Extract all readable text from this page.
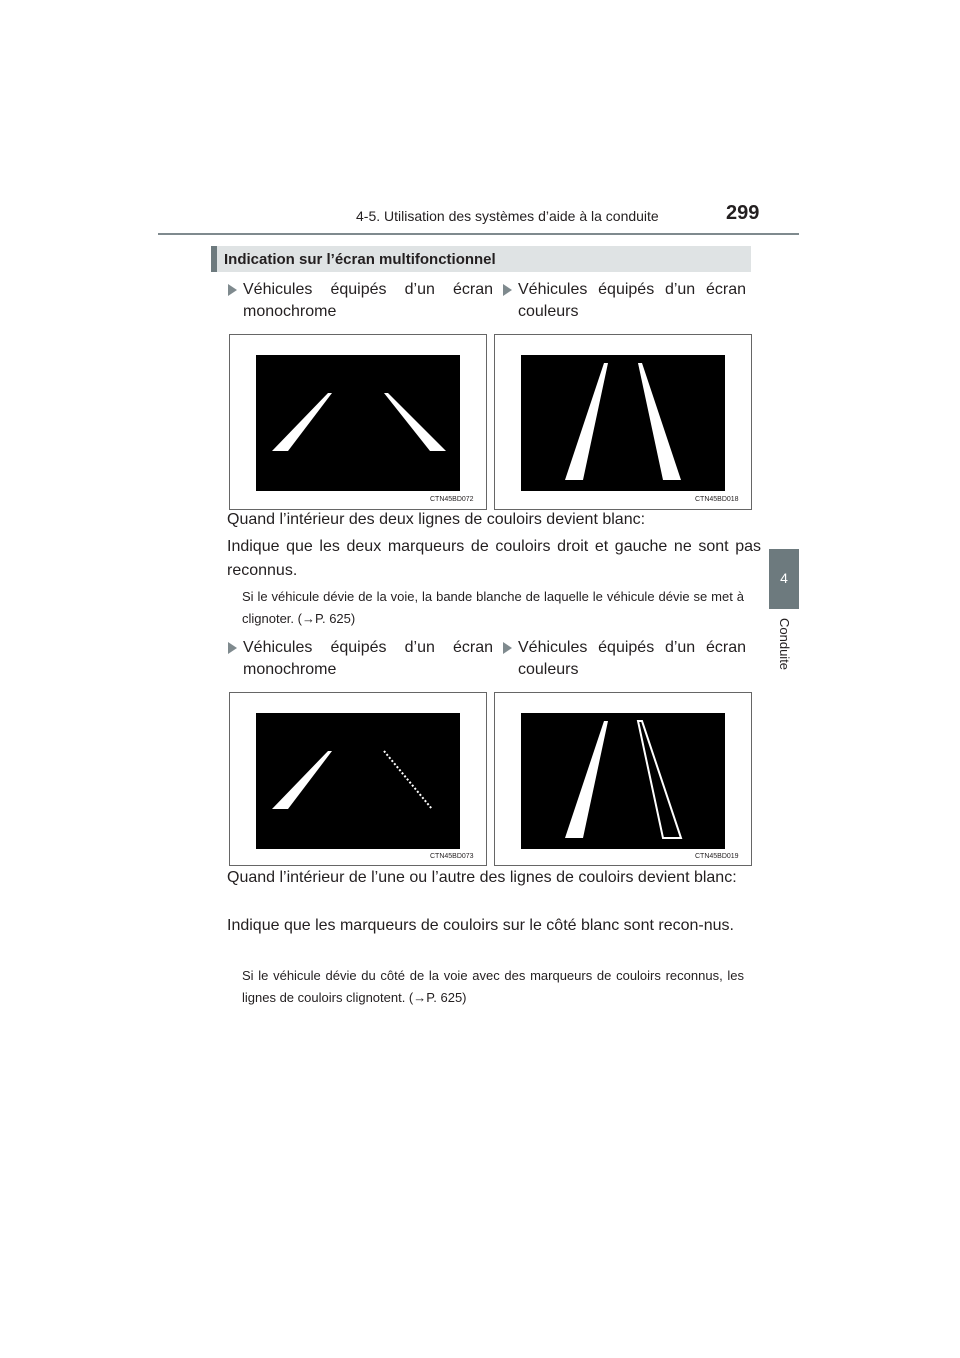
4-5. Utilisation des systèmes d’aide à la conduite	299
4
Conduite
Indication sur l’écran multifonctionnel
Véhicules équipés d’un écran monochrome
Véhicules équipés d’un écran couleurs
CTN45BD072	CTN45BD018
Quand l’intérieur des deux lignes de couloirs devient blanc:
Indique que les deux marqueurs de couloirs droit et gauche ne sont pas reconnus.
Si le véhicule dévie de la voie, la bande blanche de laquelle le véhicule dévie se met à clignoter. (→P. 625)
Véhicules équipés d’un écran monochrome
Véhicules équipés d’un écran couleurs
CTN45BD073	CTN45BD019
Quand l’intérieur de l’une ou l’autre des lignes de couloirs devient blanc:
Indique que les marqueurs de couloirs sur le côté blanc sont recon-nus.
Si le véhicule dévie du côté de la voie avec des marqueurs de couloirs reconnus, les lignes de couloirs clignotent. (→P. 625)
